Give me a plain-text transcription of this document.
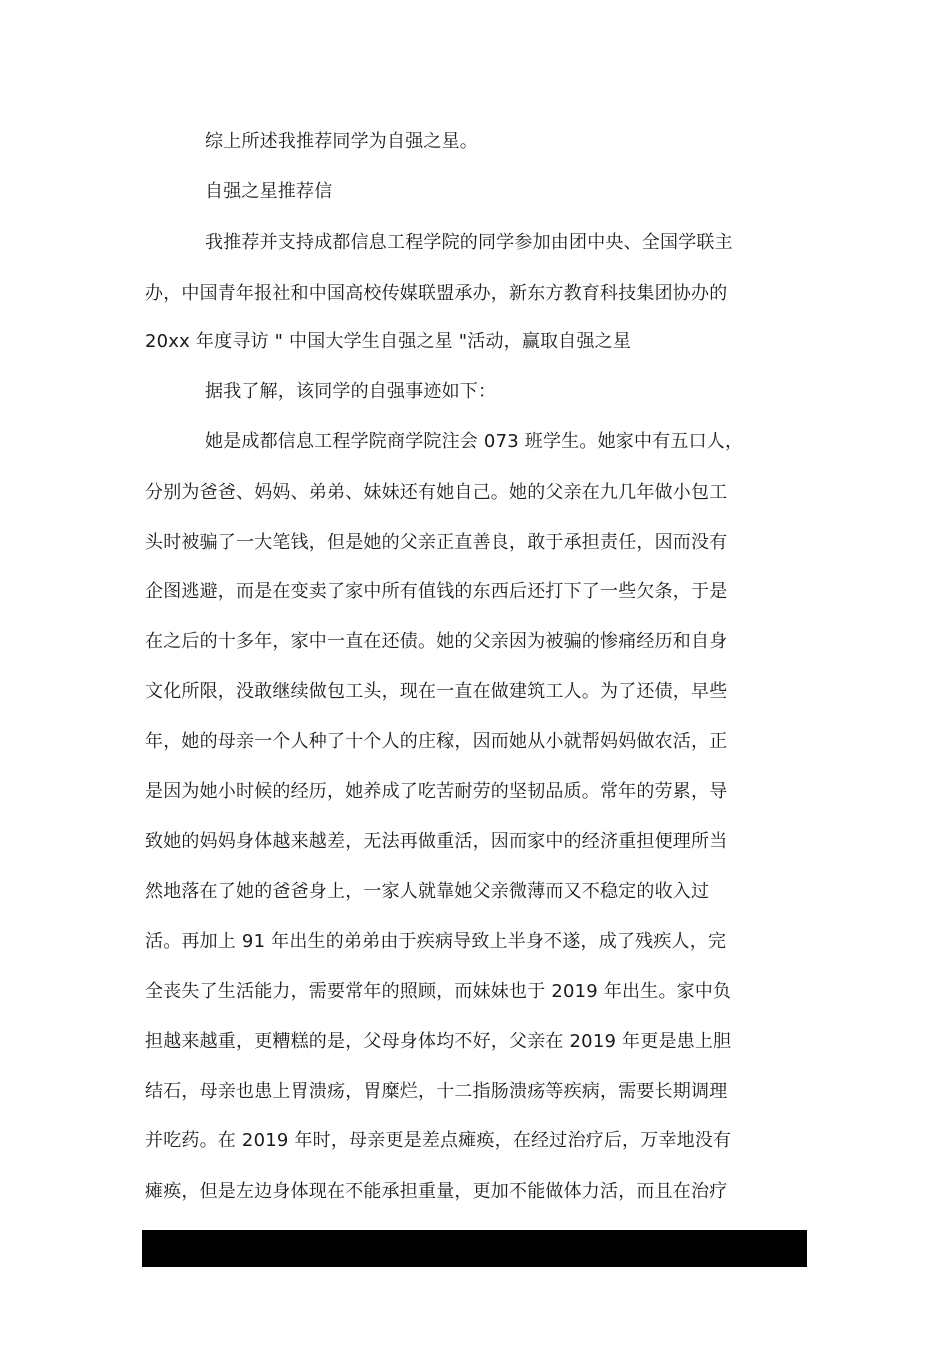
综上所述我推荐同学为自强之星。
自强之星推荐信
我推荐并支持成都信息工程学院的同学参加由团中央、全国学联主
办，中国青年报社和中国高校传媒联盟承办，新东方教育科技集团协办的
20xx 年度寻访 " 中国大学生自强之星 "活动，赢取自强之星
据我了解，该同学的自强事迹如下：
她是成都信息工程学院商学院注会 073 班学生。她家中有五口人，
分别为爸爸、妈妈、弟弟、妹妹还有她自己。她的父亲在九几年做小包工
头时被骗了一大笔钱，但是她的父亲正直善良，敢于承担责任，因而没有
企图逃避，而是在变卖了家中所有值钱的东西后还打下了一些欠条，于是
在之后的十多年，家中一直在还债。她的父亲因为被骗的惨痛经历和自身
文化所限，没敢继续做包工头，现在一直在做建筑工人。为了还债，早些
年，她的母亲一个人种了十个人的庄稼，因而她从小就帮妈妈做农活，正
是因为她小时候的经历，她养成了吃苦耐劳的坚韧品质。常年的劳累，导
致她的妈妈身体越来越差，无法再做重活，因而家中的经济重担便理所当
然地落在了她的爸爸身上，一家人就靠她父亲微薄而又不稳定的收入过
活。再加上 91 年出生的弟弟由于疾病导致上半身不遂，成了残疾人，完
全丧失了生活能力，需要常年的照顾，而妹妹也于 2019 年出生。家中负
担越来越重，更糟糕的是，父母身体均不好，父亲在 2019 年更是患上胆
结石，母亲也患上胃溃疡，胃糜烂，十二指肠溃疡等疾病，需要长期调理
并吃药。在 2019 年时，母亲更是差点瘫痪，在经过治疗后，万幸地没有
瘫痪，但是左边身体现在不能承担重量，更加不能做体力活，而且在治疗
